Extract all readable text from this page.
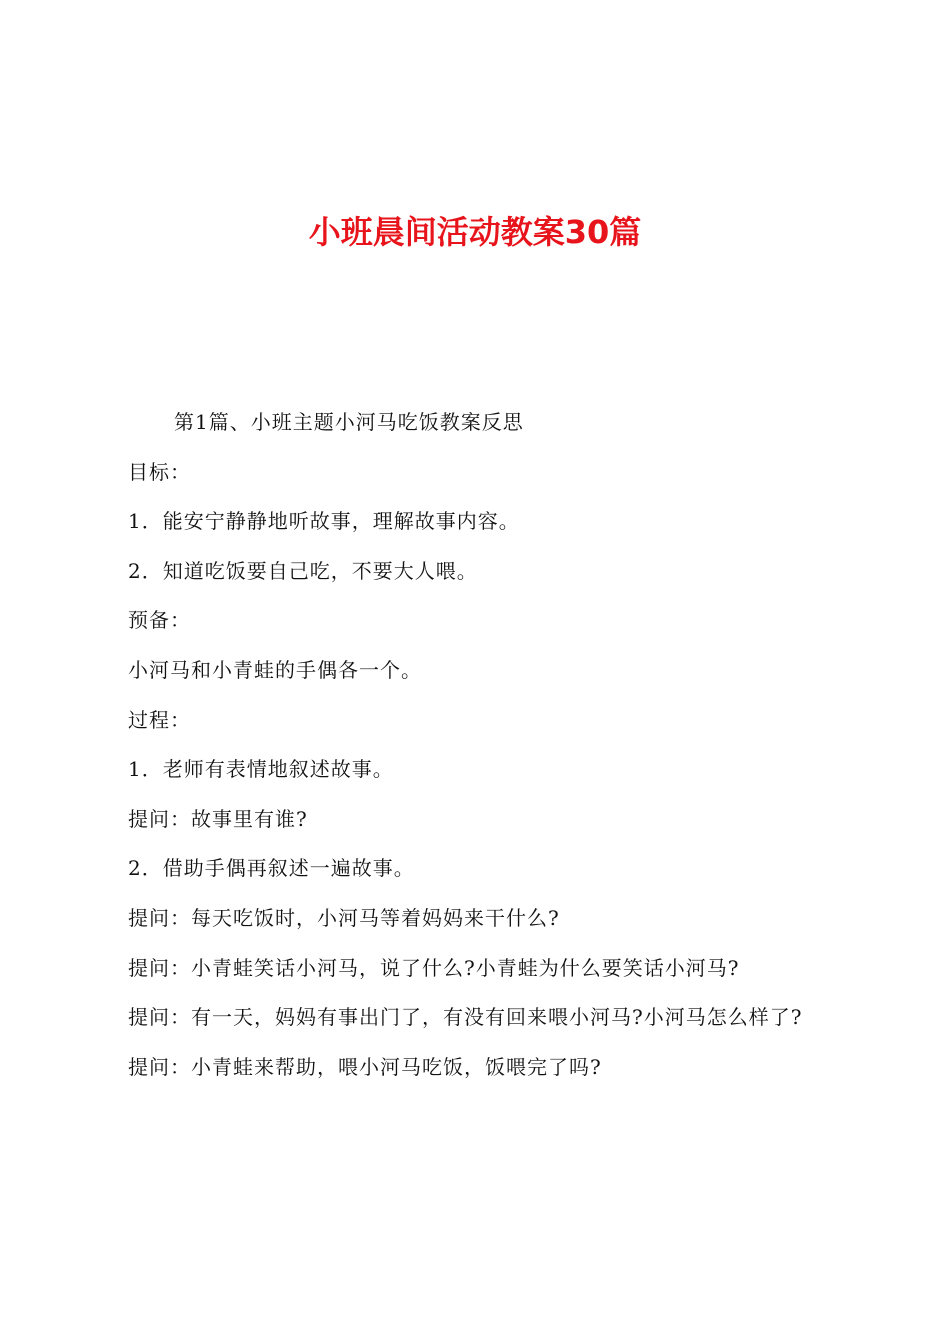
小班晨间活动教案30篇

第1篇、小班主题小河马吃饭教案反思

目标：

1．能安宁静静地听故事，理解故事内容。

2．知道吃饭要自己吃，不要大人喂。

预备：

小河马和小青蛙的手偶各一个。

过程：

1．老师有表情地叙述故事。

提问：故事里有谁?

2．借助手偶再叙述一遍故事。

提问：每天吃饭时，小河马等着妈妈来干什么?

提问：小青蛙笑话小河马，说了什么?小青蛙为什么要笑话小河马?

提问：有一天，妈妈有事出门了，有没有回来喂小河马?小河马怎么样了?

提问：小青蛙来帮助，喂小河马吃饭，饭喂完了吗?
